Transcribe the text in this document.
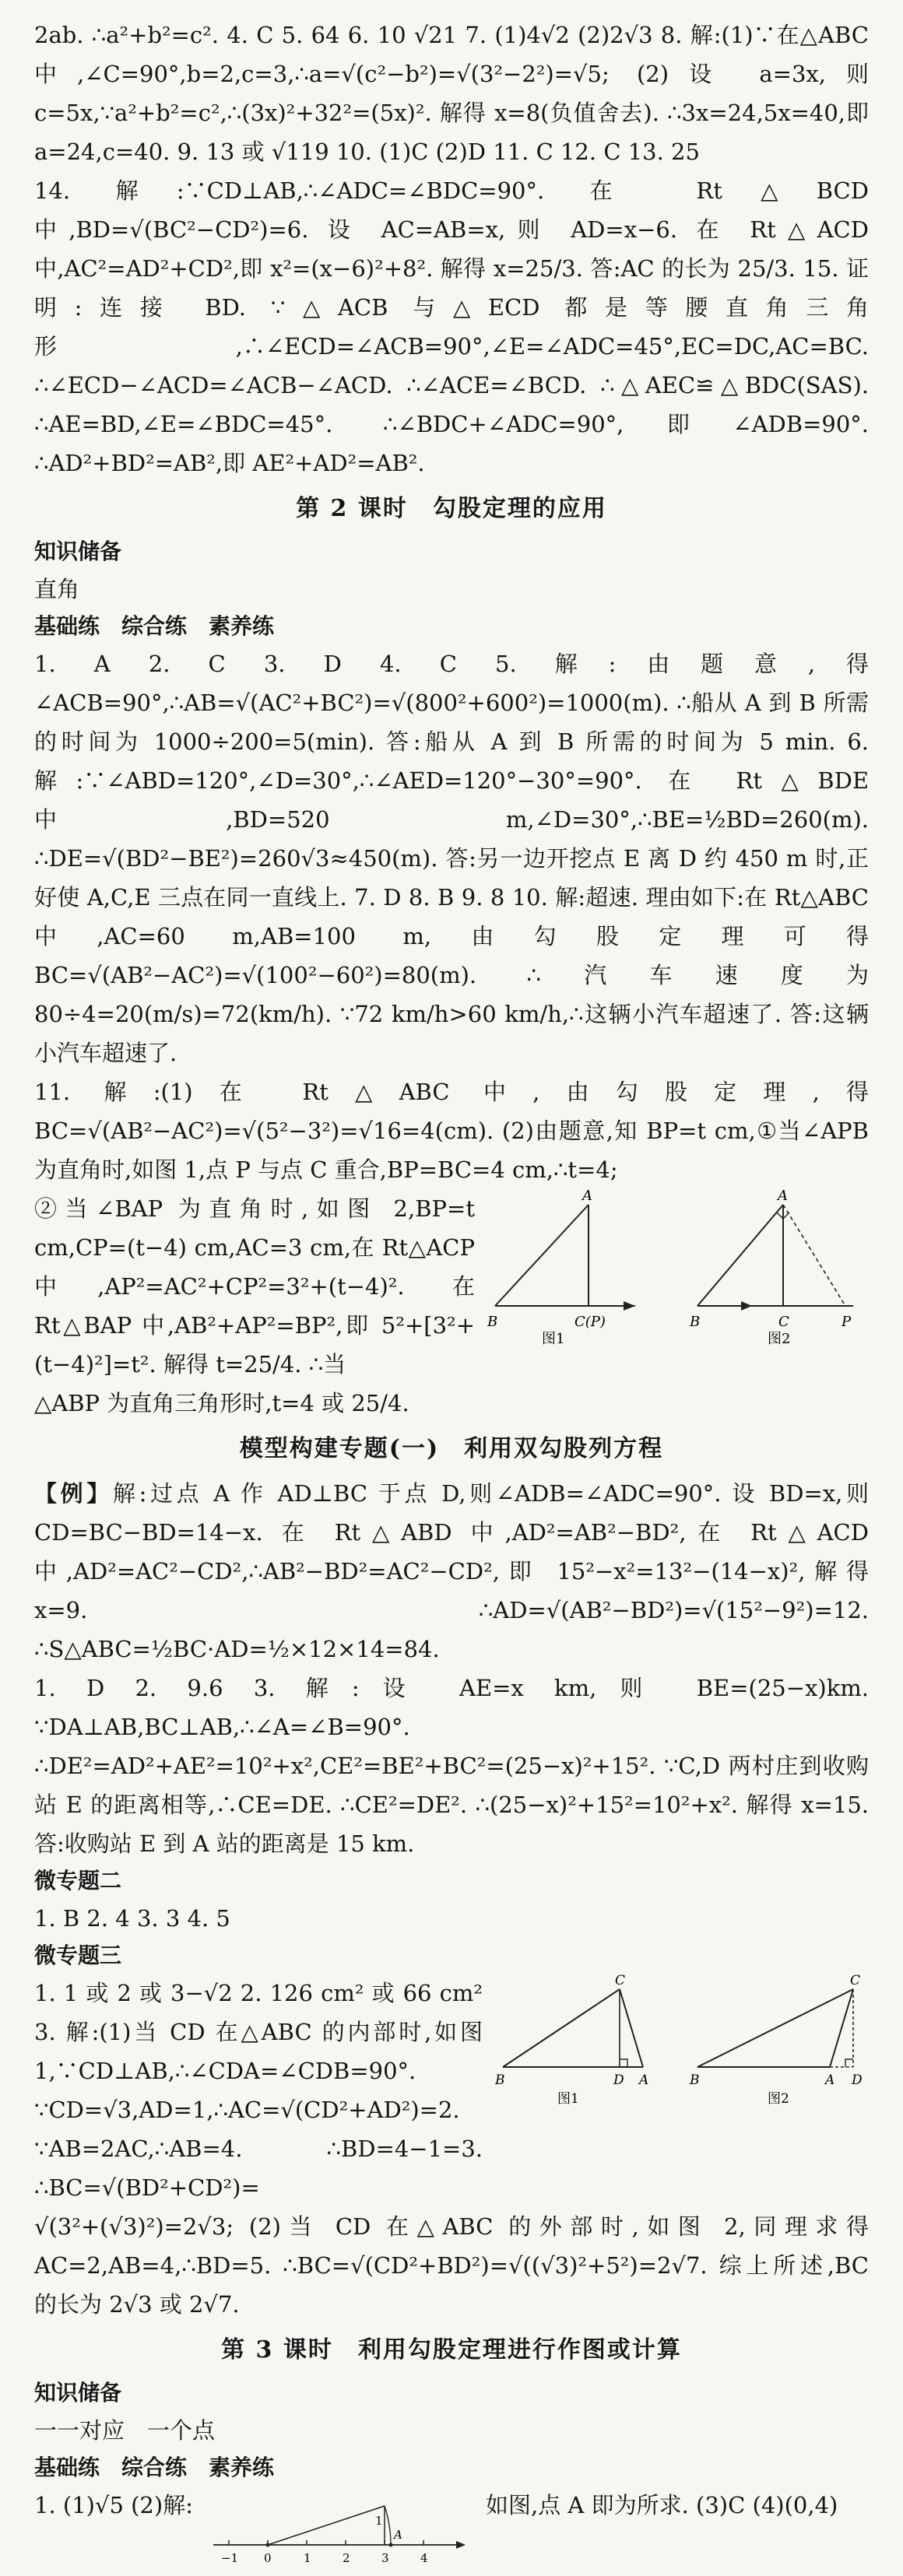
2ab. ∴a²+b²=c². 4. C 5. 64 6. 10 √21 7. (1)4√2 (2)2√3 8. 解:(1)∵在△ABC 中,∠C=90°,b=2,c=3,∴a=√(c²−b²)=√(3²−2²)=√5; (2)设 a=3x,则c=5x,∵a²+b²=c²,∴(3x)²+32²=(5x)². 解得 x=8(负值舍去). ∴3x=24,5x=40,即 a=24,c=40. 9. 13 或 √119 10. (1)C (2)D 11. C 12. C 13. 25

14. 解:∵CD⊥AB,∴∠ADC=∠BDC=90°. 在 Rt△BCD 中,BD=√(BC²−CD²)=6. 设 AC=AB=x,则 AD=x−6. 在 Rt△ACD 中,AC²=AD²+CD²,即 x²=(x−6)²+8². 解得 x=25/3. 答:AC 的长为 25/3. 15. 证明:连接 BD. ∵△ACB 与△ECD 都是等腰直角三角形,∴∠ECD=∠ACB=90°,∠E=∠ADC=45°,EC=DC,AC=BC. ∴∠ECD−∠ACD=∠ACB−∠ACD. ∴∠ACE=∠BCD. ∴△AEC≌△BDC(SAS). ∴AE=BD,∠E=∠BDC=45°. ∴∠BDC+∠ADC=90°,即∠ADB=90°. ∴AD²+BD²=AB²,即 AE²+AD²=AB².

第 2 课时　勾股定理的应用

知识储备

直角

基础练　综合练　素养练

1. A 2. C 3. D 4. C 5. 解:由题意,得∠ACB=90°,∴AB=√(AC²+BC²)=√(800²+600²)=1000(m). ∴船从 A 到 B 所需的时间为 1000÷200=5(min). 答:船从 A 到 B 所需的时间为 5 min. 6. 解:∵∠ABD=120°,∠D=30°,∴∠AED=120°−30°=90°. 在 Rt△BDE 中,BD=520 m,∠D=30°,∴BE=½BD=260(m). ∴DE=√(BD²−BE²)=260√3≈450(m). 答:另一边开挖点 E 离 D 约 450 m 时,正好使 A,C,E 三点在同一直线上. 7. D 8. B 9. 8 10. 解:超速. 理由如下:在 Rt△ABC 中,AC=60 m,AB=100 m,由勾股定理可得 BC=√(AB²−AC²)=√(100²−60²)=80(m). ∴汽车速度为 80÷4=20(m/s)=72(km/h). ∵72 km/h>60 km/h,∴这辆小汽车超速了. 答:这辆小汽车超速了.

11. 解:(1)在 Rt△ABC 中,由勾股定理,得 BC=√(AB²−AC²)=√(5²−3²)=√16=4(cm). (2)由题意,知 BP=t cm,①当∠APB 为直角时,如图 1,点 P 与点 C 重合,BP=BC=4 cm,∴t=4;

②当∠BAP 为直角时,如图 2,BP=t cm,CP=(t−4) cm,AC=3 cm,在 Rt△ACP 中,AP²=AC²+CP²=3²+(t−4)². 在 Rt△BAP 中,AB²+AP²=BP²,即 5²+[3²+(t−4)²]=t². 解得 t=25/4. ∴当

A
B	C(P)
图1
A
B	C	P
图2

△ABP 为直角三角形时,t=4 或 25/4.

模型构建专题(一)　利用双勾股列方程

【例】解:过点 A 作 AD⊥BC 于点 D,则∠ADB=∠ADC=90°. 设 BD=x,则 CD=BC−BD=14−x. 在 Rt△ABD 中,AD²=AB²−BD²,在 Rt△ACD 中,AD²=AC²−CD²,∴AB²−BD²=AC²−CD²,即 15²−x²=13²−(14−x)²,解得 x=9. ∴AD=√(AB²−BD²)=√(15²−9²)=12. ∴S△ABC=½BC·AD=½×12×14=84.

1. D 2. 9.6 3. 解:设 AE=x km,则 BE=(25−x)km. ∵DA⊥AB,BC⊥AB,∴∠A=∠B=90°. ∴DE²=AD²+AE²=10²+x²,CE²=BE²+BC²=(25−x)²+15². ∵C,D 两村庄到收购站 E 的距离相等,∴CE=DE. ∴CE²=DE². ∴(25−x)²+15²=10²+x². 解得 x=15. 答:收购站 E 到 A 站的距离是 15 km.

微专题二

1. B 2. 4 3. 3 4. 5

微专题三

1. 1 或 2 或 3−√2 2. 126 cm² 或 66 cm² 3. 解:(1)当 CD 在△ABC 的内部时,如图 1,∵CD⊥AB,∴∠CDA=∠CDB=90°. ∵CD=√3,AD=1,∴AC=√(CD²+AD²)=2. ∵AB=2AC,∴AB=4. ∴BD=4−1=3. ∴BC=√(BD²+CD²)=

C
B	D A
图1
C
B	A D
图2

√(3²+(√3)²)=2√3; (2)当 CD 在△ABC 的外部时,如图 2,同理求得 AC=2,AB=4,∴BD=5. ∴BC=√(CD²+BD²)=√((√3)²+5²)=2√7. 综上所述,BC 的长为 2√3 或 2√7.

第 3 课时　利用勾股定理进行作图或计算

知识储备

一一对应　一个点

基础练　综合练　素养练

1. (1)√5 (2)解:

1
A
−1 0	1	2	3	4

如图,点 A 即为所求. (3)C (4)(0,4)
